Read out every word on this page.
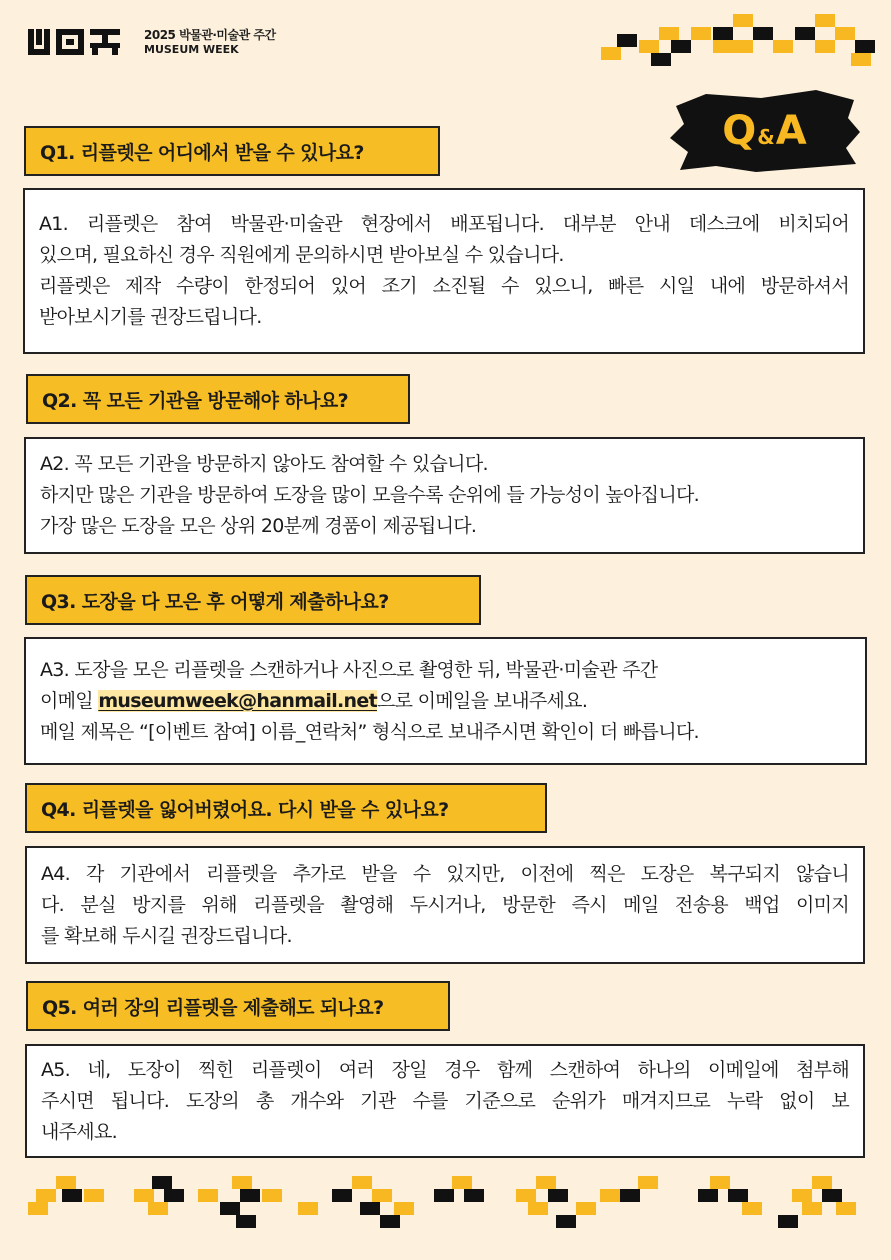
2025 박물관·미술관 주간
MUSEUM WEEK
Q & A
Q1. 리플렛은 어디에서 받을 수 있나요?
A1. 리플렛은 참여 박물관·미술관 현장에서 배포됩니다. 대부분 안내 데스크에 비치되어
있으며, 필요하신 경우 직원에게 문의하시면 받아보실 수 있습니다.
리플렛은 제작 수량이 한정되어 있어 조기 소진될 수 있으니, 빠른 시일 내에 방문하셔서
받아보시기를 권장드립니다.
Q2. 꼭 모든 기관을 방문해야 하나요?
A2. 꼭 모든 기관을 방문하지 않아도 참여할 수 있습니다.
하지만 많은 기관을 방문하여 도장을 많이 모을수록 순위에 들 가능성이 높아집니다.
가장 많은 도장을 모은 상위 20분께 경품이 제공됩니다.
Q3. 도장을 다 모은 후 어떻게 제출하나요?
A3. 도장을 모은 리플렛을 스캔하거나 사진으로 촬영한 뒤, 박물관·미술관 주간
이메일 museumweek@hanmail.net으로 이메일을 보내주세요.
메일 제목은 “[이벤트 참여] 이름_연락처” 형식으로 보내주시면 확인이 더 빠릅니다.
Q4. 리플렛을 잃어버렸어요. 다시 받을 수 있나요?
A4. 각 기관에서 리플렛을 추가로 받을 수 있지만, 이전에 찍은 도장은 복구되지 않습니
다. 분실 방지를 위해 리플렛을 촬영해 두시거나, 방문한 즉시 메일 전송용 백업 이미지
를 확보해 두시길 권장드립니다.
Q5. 여러 장의 리플렛을 제출해도 되나요?
A5. 네, 도장이 찍힌 리플렛이 여러 장일 경우 함께 스캔하여 하나의 이메일에 첨부해
주시면 됩니다. 도장의 총 개수와 기관 수를 기준으로 순위가 매겨지므로 누락 없이 보
내주세요.
